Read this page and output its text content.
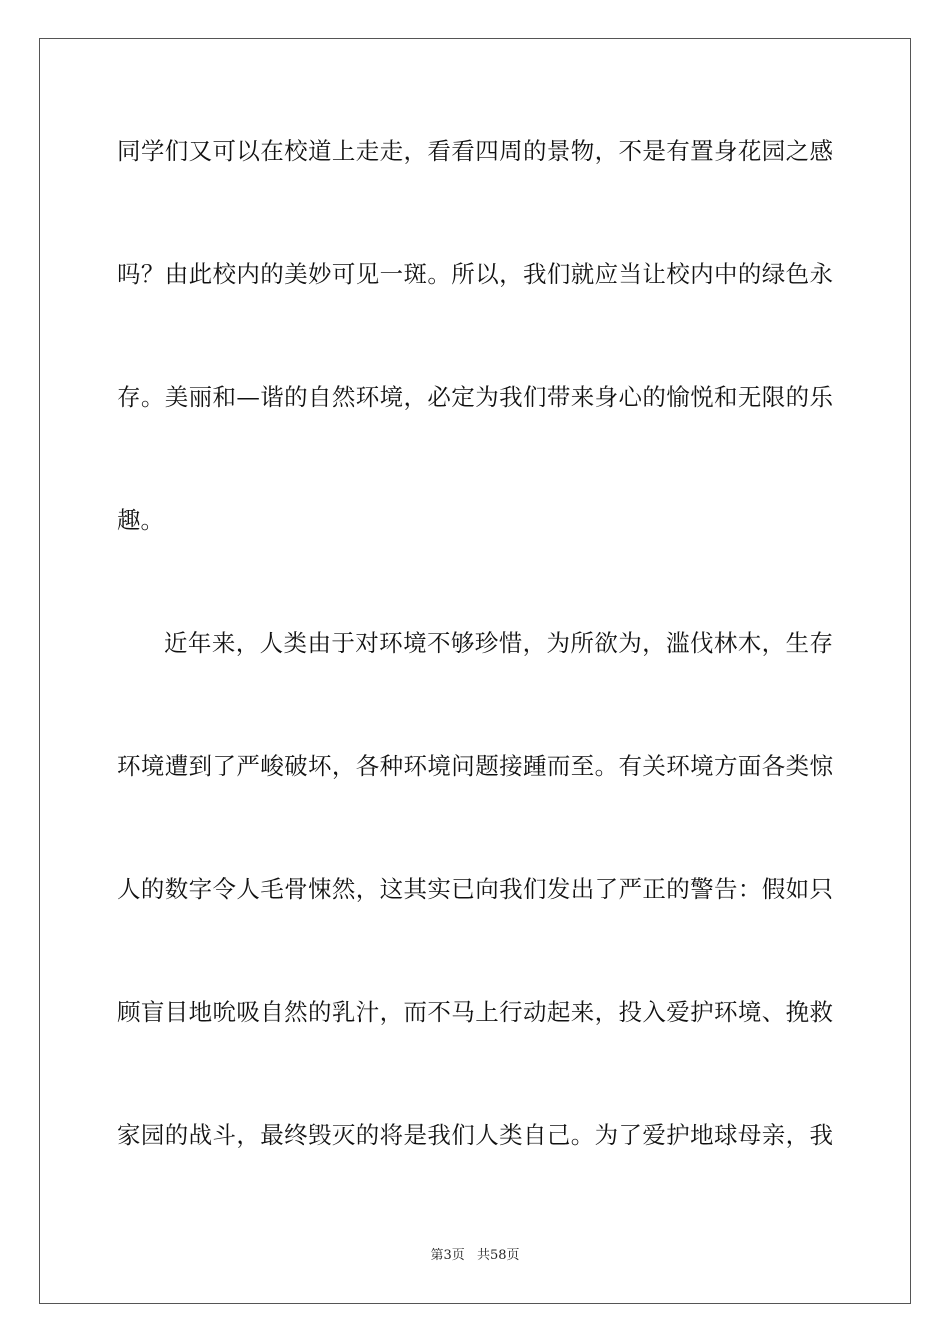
同学们又可以在校道上走走，看看四周的景物，不是有置身花园之感
吗？由此校内的美妙可见一斑。所以，我们就应当让校内中的绿色永
存。美丽和—谐的自然环境，必定为我们带来身心的愉悦和无限的乐
趣。
近年来，人类由于对环境不够珍惜，为所欲为，滥伐林木，生存
环境遭到了严峻破坏，各种环境问题接踵而至。有关环境方面各类惊
人的数字令人毛骨悚然，这其实已向我们发出了严正的警告：假如只
顾盲目地吮吸自然的乳汁，而不马上行动起来，投入爱护环境、挽救
家园的战斗，最终毁灭的将是我们人类自己。为了爱护地球母亲，我
第3页 共58页
